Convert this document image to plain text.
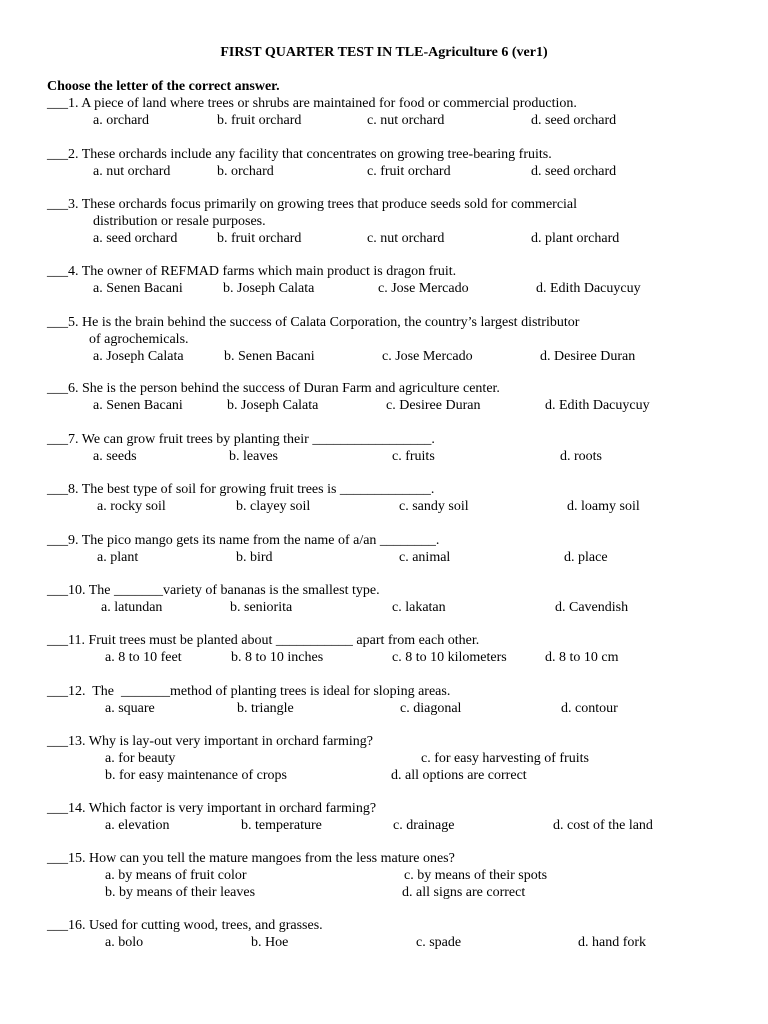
FIRST QUARTER TEST IN TLE-Agriculture 6 (ver1)
Choose the letter of the correct answer.
___1. A piece of land where trees or shrubs are maintained for food or commercial production.
a. orchard	b. fruit orchard	c. nut orchard	d. seed orchard
___2. These orchards include any facility that concentrates on growing tree-bearing fruits.
a. nut orchard	b. orchard	c. fruit orchard	d. seed orchard
___3. These orchards focus primarily on growing trees that produce seeds sold for commercial
distribution or resale purposes.
a. seed orchard	b. fruit orchard	c. nut orchard	d. plant orchard
___4. The owner of REFMAD farms which main product is dragon fruit.
a. Senen Bacani	b. Joseph Calata	c. Jose Mercado	d. Edith Dacuycuy
___5. He is the brain behind the success of Calata Corporation, the country’s largest distributor
of agrochemicals.
a. Joseph Calata	b. Senen Bacani	c. Jose Mercado	d. Desiree Duran
___6. She is the person behind the success of Duran Farm and agriculture center.
a. Senen Bacani	b. Joseph Calata	c. Desiree Duran	d. Edith Dacuycuy
___7. We can grow fruit trees by planting their _________________.
a. seeds	b. leaves	c. fruits	d. roots
___8. The best type of soil for growing fruit trees is _____________.
a. rocky soil	b. clayey soil	c. sandy soil	d. loamy soil
___9. The pico mango gets its name from the name of a/an ________.
a. plant	b. bird	c. animal	d. place
___10. The _______variety of bananas is the smallest type.
a. latundan	b. seniorita	c. lakatan	d. Cavendish
___11. Fruit trees must be planted about ___________ apart from each other.
a. 8 to 10 feet	b. 8 to 10 inches	c. 8 to 10 kilometers	d. 8 to 10 cm
___12.  The  _______method of planting trees is ideal for sloping areas.
a. square	b. triangle	c. diagonal	d. contour
___13. Why is lay-out very important in orchard farming?
a. for beauty	c. for easy harvesting of fruits
b. for easy maintenance of crops	d. all options are correct
___14. Which factor is very important in orchard farming?
a. elevation	b. temperature	c. drainage	d. cost of the land
___15. How can you tell the mature mangoes from the less mature ones?
a. by means of fruit color	c. by means of their spots
b. by means of their leaves	d. all signs are correct
___16. Used for cutting wood, trees, and grasses.
a. bolo	b. Hoe	c. spade	d. hand fork
